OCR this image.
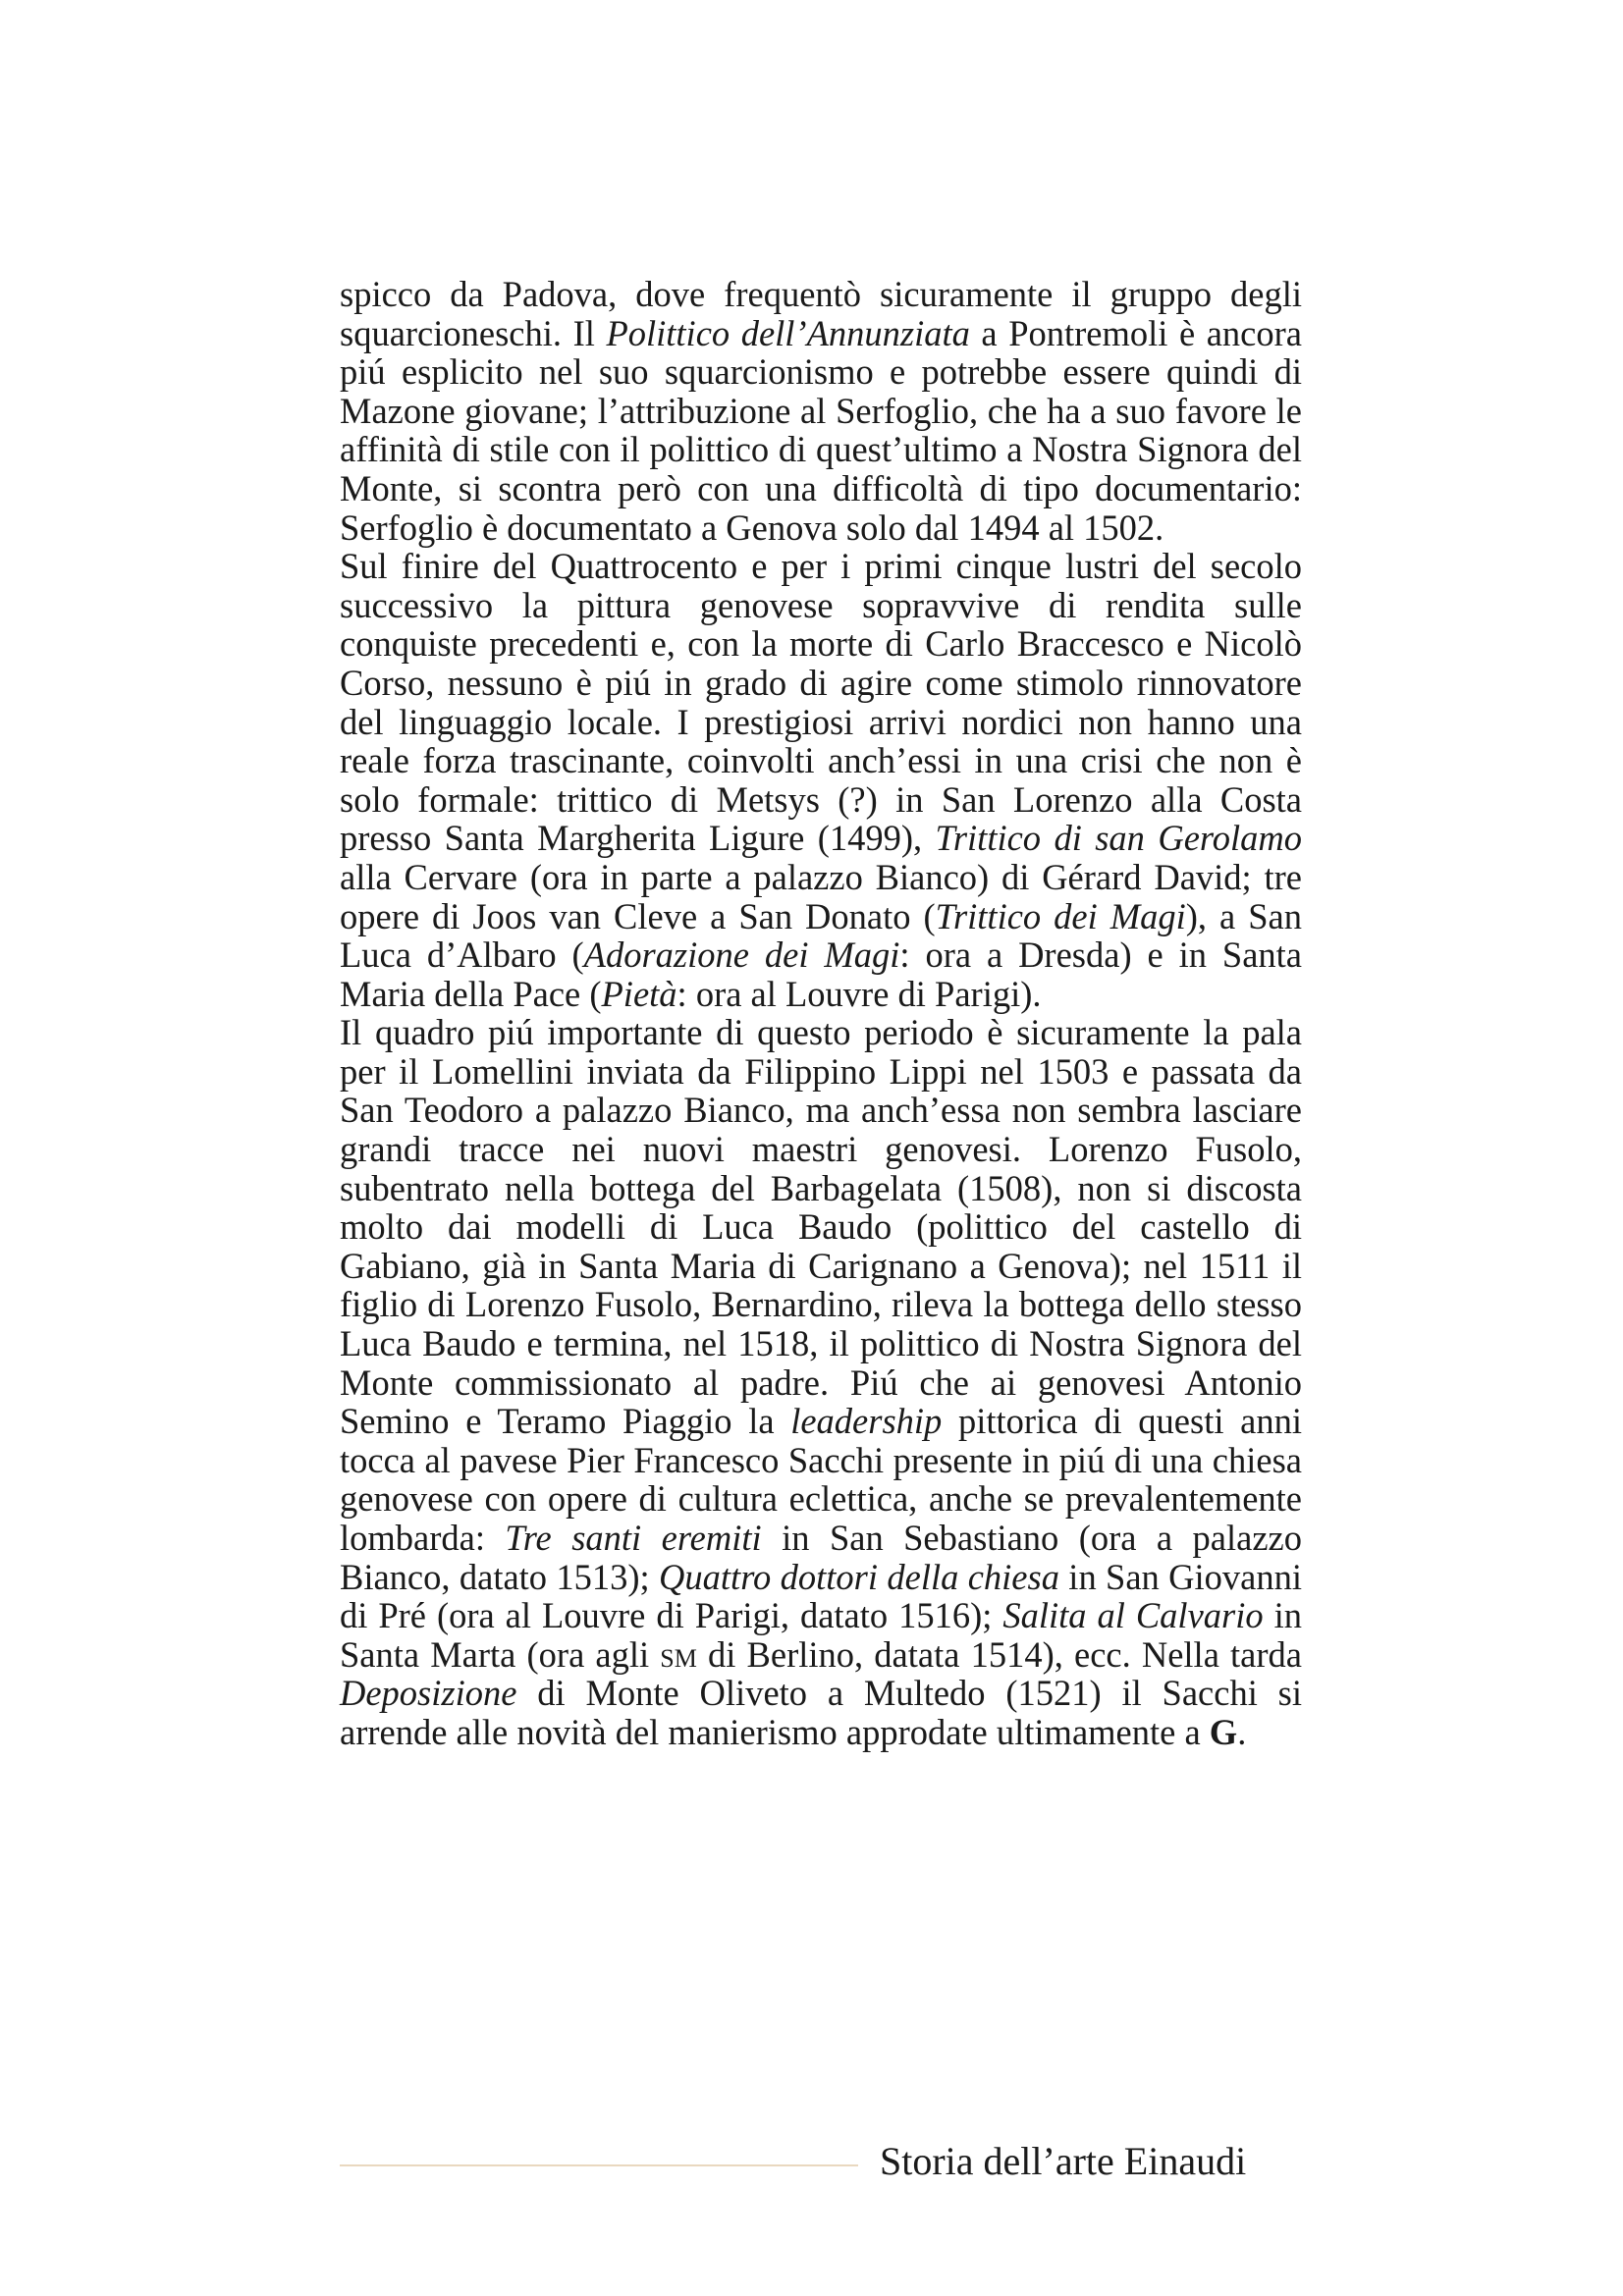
spicco da Padova, dove frequentò sicuramente il gruppo degli squarcioneschi. Il Polittico dell’Annunziata a Pontremoli è ancora piú esplicito nel suo squarcionismo e potrebbe essere quindi di Mazone giovane; l’attribuzione al Serfoglio, che ha a suo favore le affinità di stile con il polittico di quest’ultimo a Nostra Signora del Monte, si scontra però con una difficoltà di tipo documentario: Serfoglio è documentato a Genova solo dal 1494 al 1502.

Sul finire del Quattrocento e per i primi cinque lustri del secolo successivo la pittura genovese sopravvive di rendita sulle conquiste precedenti e, con la morte di Carlo Braccesco e Nicolò Corso, nessuno è piú in grado di agire come stimolo rinnovatore del linguaggio locale. I prestigiosi arrivi nordici non hanno una reale forza trascinante, coinvolti anch’essi in una crisi che non è solo formale: trittico di Metsys (?) in San Lorenzo alla Costa presso Santa Margherita Ligure (1499), Trittico di san Gerolamo alla Cervare (ora in parte a palazzo Bianco) di Gérard David; tre opere di Joos van Cleve a San Donato (Trittico dei Magi), a San Luca d’Albaro (Adorazione dei Magi: ora a Dresda) e in Santa Maria della Pace (Pietà: ora al Louvre di Parigi).

Il quadro piú importante di questo periodo è sicuramente la pala per il Lomellini inviata da Filippino Lippi nel 1503 e passata da San Teodoro a palazzo Bianco, ma anch’essa non sembra lasciare grandi tracce nei nuovi maestri genovesi. Lorenzo Fusolo, subentrato nella bottega del Barbagelata (1508), non si discosta molto dai modelli di Luca Baudo (polittico del castello di Gabiano, già in Santa Maria di Carignano a Genova); nel 1511 il figlio di Lorenzo Fusolo, Bernardino, rileva la bottega dello stesso Luca Baudo e termina, nel 1518, il polittico di Nostra Signora del Monte commissionato al padre. Piú che ai genovesi Antonio Semino e Teramo Piaggio la leadership pittorica di questi anni tocca al pavese Pier Francesco Sacchi presente in piú di una chiesa genovese con opere di cultura eclettica, anche se prevalentemente lombarda: Tre santi eremiti in San Sebastiano (ora a palazzo Bianco, datato 1513); Quattro dottori della chiesa in San Giovanni di Pré (ora al Louvre di Parigi, datato 1516); Salita al Calvario in Santa Marta (ora agli sm di Berlino, datata 1514), ecc. Nella tarda Deposizione di Monte Oliveto a Multedo (1521) il Sacchi si arrende alle novità del manierismo approdate ultimamente a G.

Storia dell’arte Einaudi
